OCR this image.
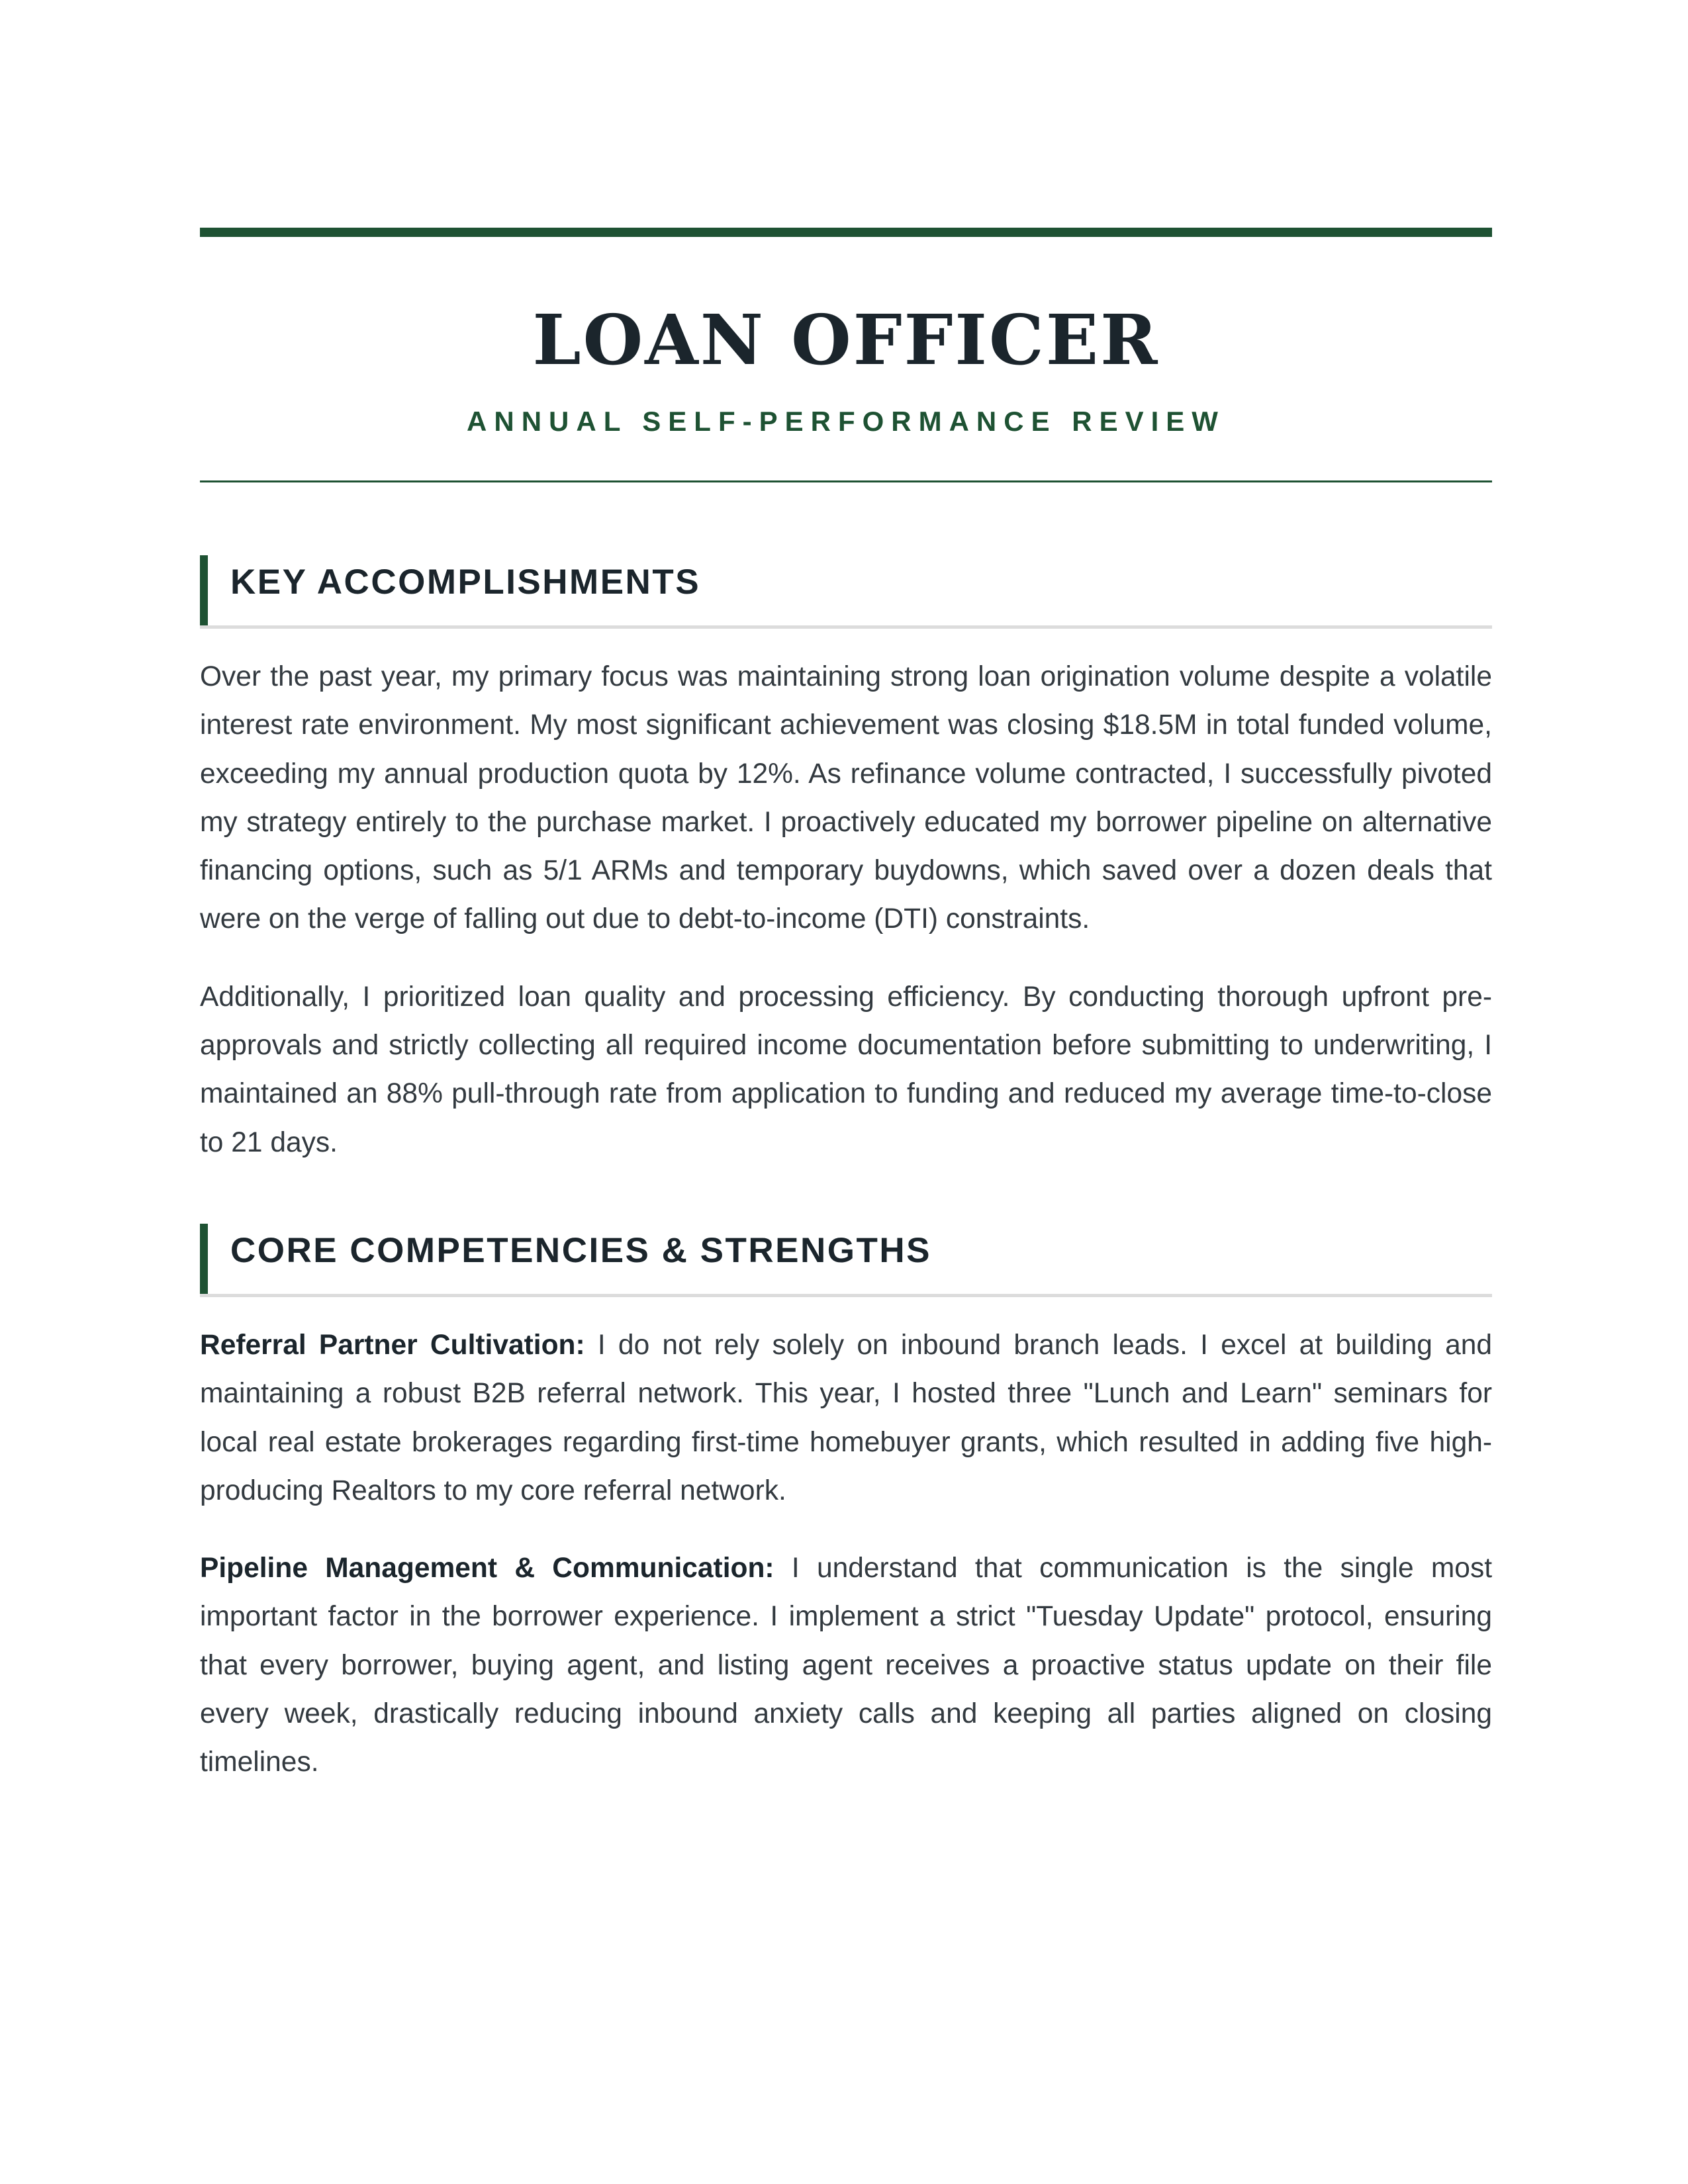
LOAN OFFICER
ANNUAL SELF-PERFORMANCE REVIEW
KEY ACCOMPLISHMENTS

Over the past year, my primary focus was maintaining strong loan origination volume despite a volatile interest rate environment. My most significant achievement was closing $18.5M in total funded volume, exceeding my annual production quota by 12%. As refinance volume contracted, I successfully pivoted my strategy entirely to the purchase market. I proactively educated my borrower pipeline on alternative financing options, such as 5/1 ARMs and temporary buydowns, which saved over a dozen deals that were on the verge of falling out due to debt-to-income (DTI) constraints.

Additionally, I prioritized loan quality and processing efficiency. By conducting thorough upfront pre-approvals and strictly collecting all required income documentation before submitting to underwriting, I maintained an 88% pull-through rate from application to funding and reduced my average time-to-close to 21 days.

CORE COMPETENCIES & STRENGTHS

Referral Partner Cultivation: I do not rely solely on inbound branch leads. I excel at building and maintaining a robust B2B referral network. This year, I hosted three "Lunch and Learn" seminars for local real estate brokerages regarding first-time homebuyer grants, which resulted in adding five high-producing Realtors to my core referral network.

Pipeline Management & Communication: I understand that communication is the single most important factor in the borrower experience. I implement a strict "Tuesday Update" protocol, ensuring that every borrower, buying agent, and listing agent receives a proactive status update on their file every week, drastically reducing inbound anxiety calls and keeping all parties aligned on closing timelines.
